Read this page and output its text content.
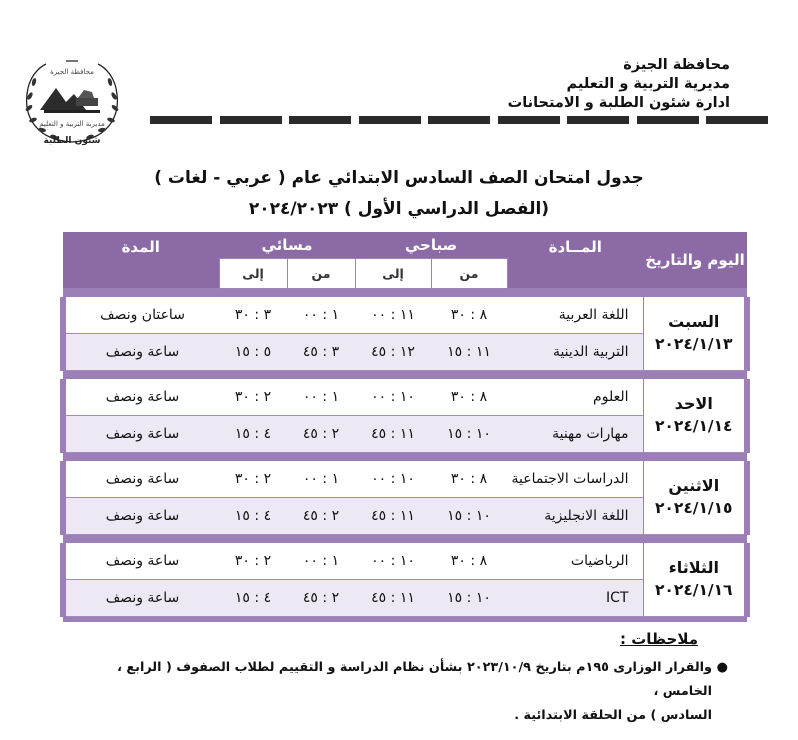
محافظة الجيزة
مديرية التربية و التعليم
شئون الطلبة
محافظة الجيزة
مديرية التربية و التعليم
ادارة شئون الطلبة و الامتحانات
جدول امتحان الصف السادس الابتدائي عام ( عربي - لغات )
(الفصل الدراسي الأول ) ٢٠٢٤/٢٠٢٣
اليوم والتاريخ	المــادة	صباحي		مسائي		المدة
		من	إلى	من	إلى	

السبت
٢٠٢٤/١/١٣	اللغة العربية	٨ : ٣٠	١١ : ٠٠	١ : ٠٠	٣ : ٣٠	ساعتان ونصف
	التربية الدينية	١١ : ١٥	١٢ : ٤٥	٣ : ٤٥	٥ : ١٥	ساعة ونصف

الاحد
٢٠٢٤/١/١٤	العلوم	٨ : ٣٠	١٠ : ٠٠	١ : ٠٠	٢ : ٣٠	ساعة ونصف
	مهارات مهنية	١٠ : ١٥	١١ : ٤٥	٢ : ٤٥	٤ : ١٥	ساعة ونصف

الاثنين
٢٠٢٤/١/١٥	الدراسات الاجتماعية	٨ : ٣٠	١٠ : ٠٠	١ : ٠٠	٢ : ٣٠	ساعة ونصف
	اللغة الانجليزية	١٠ : ١٥	١١ : ٤٥	٢ : ٤٥	٤ : ١٥	ساعة ونصف

الثلاثاء
٢٠٢٤/١/١٦	الرياضيات	٨ : ٣٠	١٠ : ٠٠	١ : ٠٠	٢ : ٣٠	ساعة ونصف
	ICT	١٠ : ١٥	١١ : ٤٥	٢ : ٤٥	٤ : ١٥	ساعة ونصف

ملاحظات :
●
والقرار الوزارى ١٩٥م بتاريخ ٢٠٢٣/١٠/٩ بشأن نظام الدراسة و التقييم لطلاب الصفوف ( الرابع ، الخامس ،
السادس ) من الحلقة الابتدائية .
